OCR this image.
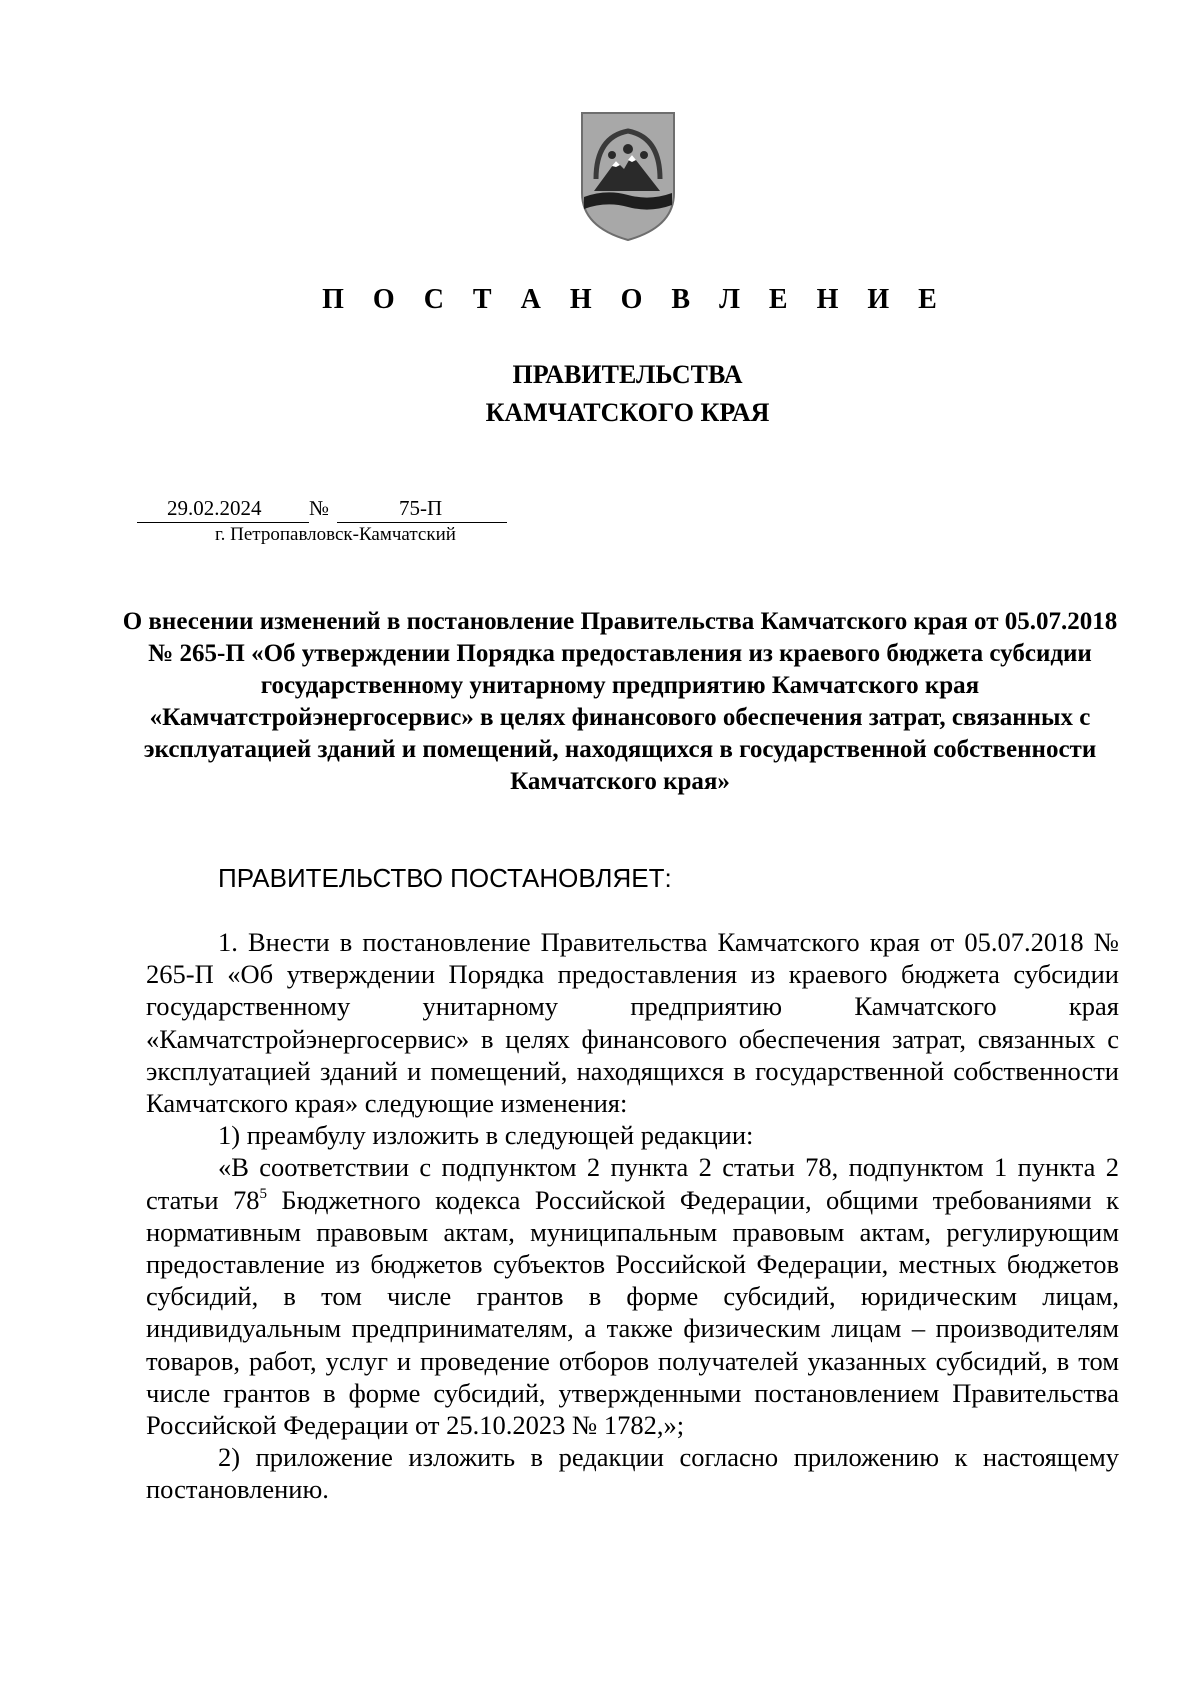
П О С Т А Н О В Л Е Н И Е
ПРАВИТЕЛЬСТВА
КАМЧАТСКОГО КРАЯ
29.02.2024 №	75-П
г. Петропавловск-Камчатский
О внесении изменений в постановление Правительства Камчатского края от 05.07.2018 № 265-П «Об утверждении Порядка предоставления из краевого бюджета субсидии государственному унитарному предприятию Камчатского края «Камчатстройэнергосервис» в целях финансового обеспечения затрат, связанных с эксплуатацией зданий и помещений, находящихся в государственной собственности Камчатского края»
ПРАВИТЕЛЬСТВО ПОСТАНОВЛЯЕТ:

1. Внести в постановление Правительства Камчатского края от 05.07.2018 № 265-П «Об утверждении Порядка предоставления из краевого бюджета субсидии государственному унитарному предприятию Камчатского края «Камчатстройэнергосервис» в целях финансового обеспечения затрат, связанных с эксплуатацией зданий и помещений, находящихся в государственной собственности Камчатского края» следующие изменения:

1) преамбулу изложить в следующей редакции:

«В соответствии с подпунктом 2 пункта 2 статьи 78, подпунктом 1 пункта 2 статьи $78^5$ Бюджетного кодекса Российской Федерации, общими требованиями к нормативным правовым актам, муниципальным правовым актам, регулирующим предоставление из бюджетов субъектов Российской Федерации, местных бюджетов субсидий, в том числе грантов в форме субсидий, юридическим лицам, индивидуальным предпринимателям, а также физическим лицам – производителям товаров, работ, услуг и проведение отборов получателей указанных субсидий, в том числе грантов в форме субсидий, утвержденными постановлением Правительства Российской Федерации от 25.10.2023 № 1782,»;

2) приложение изложить в редакции согласно приложению к настоящему постановлению.
